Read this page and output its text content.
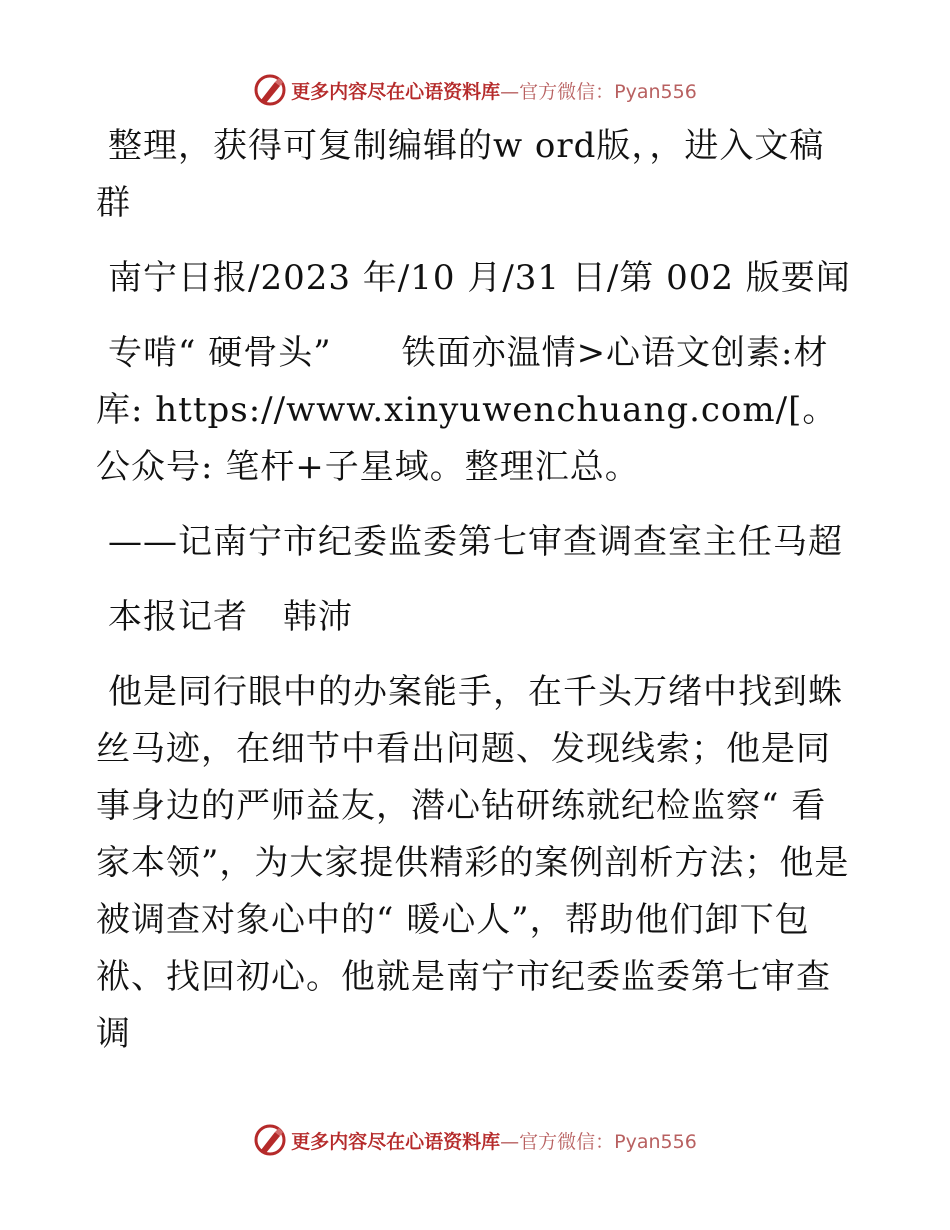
更多内容尽在心语资料库 —官方微信：Pyan556

整理，获得可复制编辑的w ord版，，进入文稿群

南宁日报/2023 年/10 月/31 日/第 002 版要闻

专啃“ 硬骨头”　　铁面亦温情>心语文创素:材库: https://www.xinyuwenchuang.com/[。公众号: 笔杆+子星域。整理汇总。

——记南宁市纪委监委第七审查调查室主任马超

本报记者　韩沛

他是同行眼中的办案能手，在千头万绪中找到蛛丝马迹，在细节中看出问题、发现线索；他是同事身边的严师益友，潜心钻研练就纪检监察“ 看家本领”，为大家提供精彩的案例剖析方法；他是被调查对象心中的“ 暖心人”，帮助他们卸下包袱、找回初心。他就是南宁市纪委监委第七审查调

更多内容尽在心语资料库 —官方微信：Pyan556
